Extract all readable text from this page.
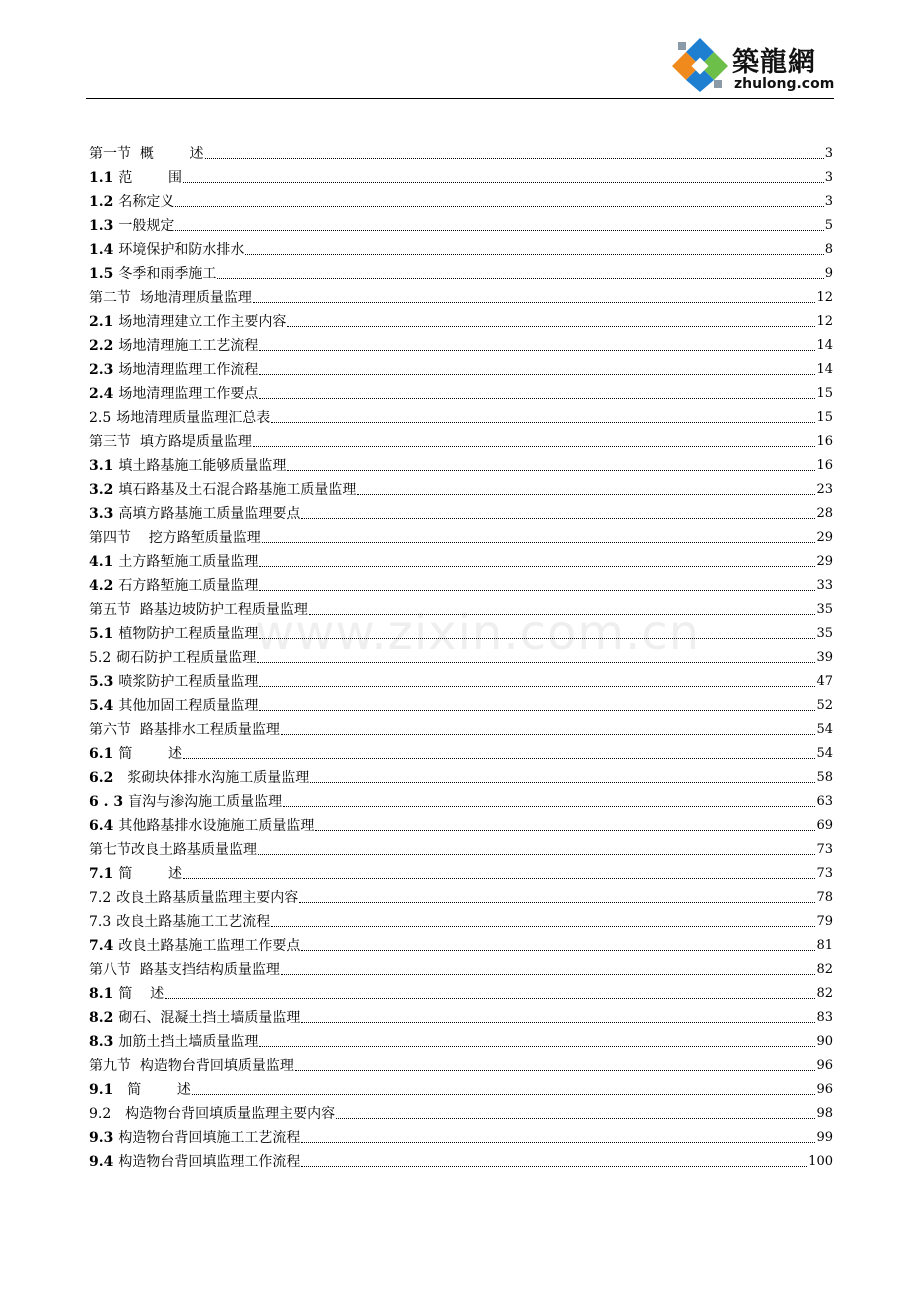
築龍網
zhulong.com
www.zixin.com.cn
第一节  概        述	3
1.1 范        围	3
1.2 名称定义	3
1.3 一般规定	5
1.4 环境保护和防水排水	8
1.5 冬季和雨季施工	9
第二节  场地清理质量监理	12
2.1 场地清理建立工作主要内容	12
2.2 场地清理施工工艺流程	14
2.3 场地清理监理工作流程	14
2.4 场地清理监理工作要点	15
2.5 场地清理质量监理汇总表	15
第三节  填方路堤质量监理	16
3.1 填土路基施工能够质量监理	16
3.2 填石路基及土石混合路基施工质量监理	23
3.3 高填方路基施工质量监理要点	28
第四节    挖方路堑质量监理	29
4.1 土方路堑施工质量监理	29
4.2 石方路堑施工质量监理	33
第五节  路基边坡防护工程质量监理	35
5.1 植物防护工程质量监理	35
5.2 砌石防护工程质量监理	39
5.3 喷浆防护工程质量监理	47
5.4 其他加固工程质量监理	52
第六节  路基排水工程质量监理	54
6.1 简        述	54
6.2  浆砌块体排水沟施工质量监理	58
6 . 3 盲沟与渗沟施工质量监理	63
6.4 其他路基排水设施施工质量监理	69
第七节改良土路基质量监理	73
7.1 简        述	73
7.2 改良土路基质量监理主要内容	78
7.3 改良土路基施工工艺流程	79
7.4 改良土路基施工监理工作要点	81
第八节  路基支挡结构质量监理	82
8.1 简    述	82
8.2 砌石、混凝土挡土墙质量监理	83
8.3 加筋土挡土墙质量监理	90
第九节  构造物台背回填质量监理	96
9.1  简        述	96
9.2  构造物台背回填质量监理主要内容	98
9.3 构造物台背回填施工工艺流程	99
9.4 构造物台背回填监理工作流程	100
